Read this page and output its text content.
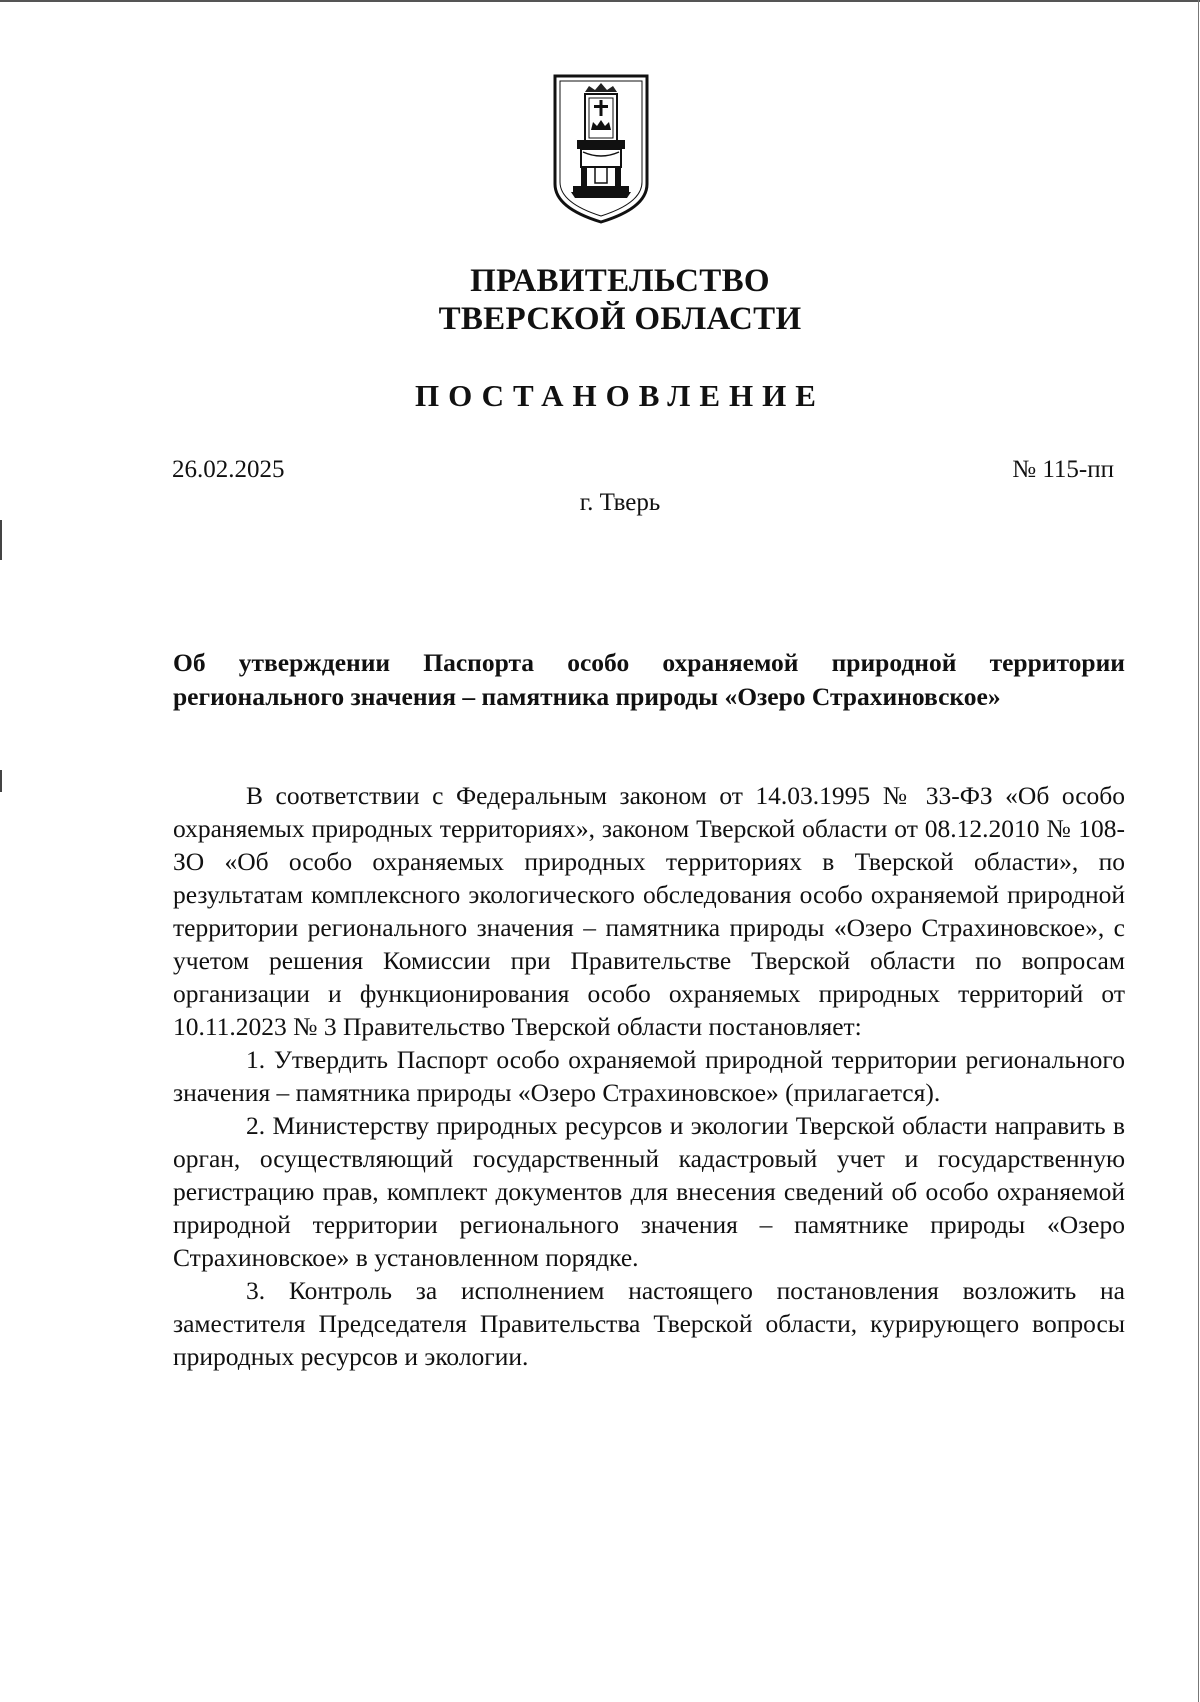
ПРАВИТЕЛЬСТВО
ТВЕРСКОЙ ОБЛАСТИ
ПОСТАНОВЛЕНИЕ
26.02.2025	№ 115-пп
г. Тверь
Об утверждении Паспорта особо охраняемой природной территории
регионального значения – памятника природы «Озеро Страхиновское»

В соответствии с Федеральным законом от 14.03.1995 № 33-ФЗ «Об особо охраняемых природных территориях», законом Тверской области от 08.12.2010 № 108-ЗО «Об особо охраняемых природных территориях в Тверской области», по результатам комплексного экологического обследования особо охраняемой природной территории регионального значения – памятника природы «Озеро Страхиновское», с учетом решения Комиссии при Правительстве Тверской области по вопросам организации и функционирования особо охраняемых природных территорий от 10.11.2023 № 3 Правительство Тверской области постановляет:

1. Утвердить Паспорт особо охраняемой природной территории регионального значения – памятника природы «Озеро Страхиновское» (прилагается).

2. Министерству природных ресурсов и экологии Тверской области направить в орган, осуществляющий государственный кадастровый учет и государственную регистрацию прав, комплект документов для внесения сведений об особо охраняемой природной территории регионального значения – памятнике природы «Озеро Страхиновское» в установленном порядке.

3. Контроль за исполнением настоящего постановления возложить на заместителя Председателя Правительства Тверской области, курирующего вопросы природных ресурсов и экологии.
